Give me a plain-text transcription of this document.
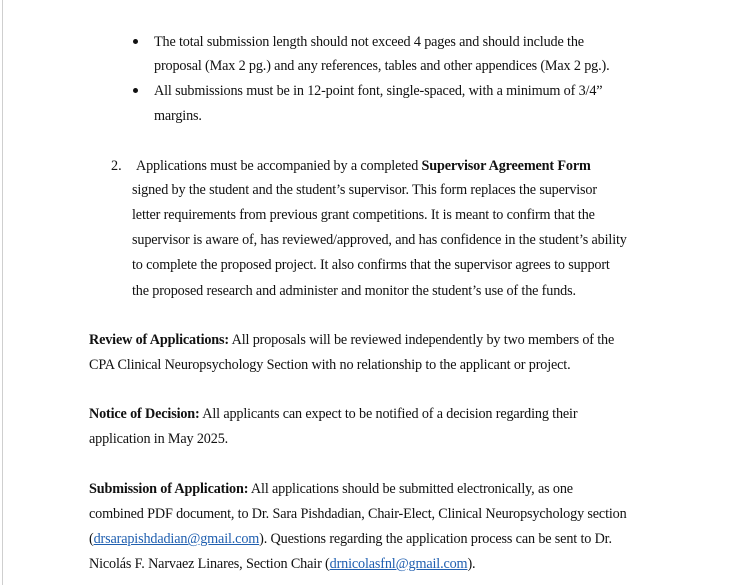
The total submission length should not exceed 4 pages and should include the
proposal (Max 2 pg.) and any references, tables and other appendices (Max 2 pg.).
All submissions must be in 12-point font, single-spaced, with a minimum of 3/4”
margins.
2. Applications must be accompanied by a completed Supervisor Agreement Form
signed by the student and the student’s supervisor. This form replaces the supervisor
letter requirements from previous grant competitions. It is meant to confirm that the
supervisor is aware of, has reviewed/approved, and has confidence in the student’s ability
to complete the proposed project. It also confirms that the supervisor agrees to support
the proposed research and administer and monitor the student’s use of the funds.
Review of Applications: All proposals will be reviewed independently by two members of the
CPA Clinical Neuropsychology Section with no relationship to the applicant or project.
Notice of Decision: All applicants can expect to be notified of a decision regarding their
application in May 2025.
Submission of Application: All applications should be submitted electronically, as one
combined PDF document, to Dr. Sara Pishdadian, Chair-Elect, Clinical Neuropsychology section
(drsarapishdadian@gmail.com). Questions regarding the application process can be sent to Dr.
Nicolás F. Narvaez Linares, Section Chair (drnicolasfnl@gmail.com).
